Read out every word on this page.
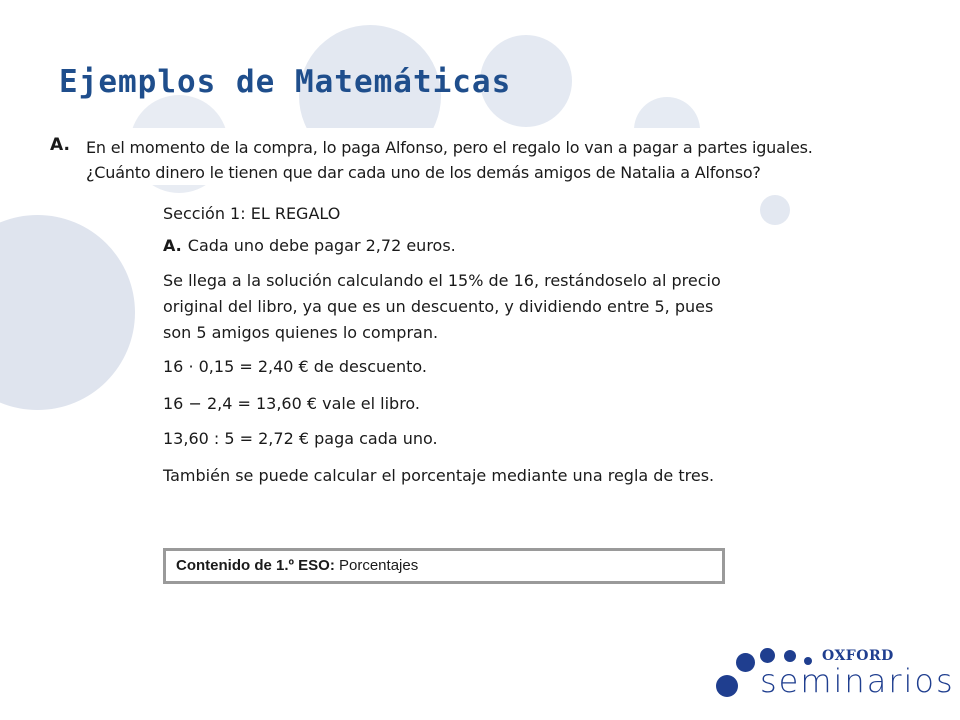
Ejemplos de Matemáticas
A. En el momento de la compra, lo paga Alfonso, pero el regalo lo van a pagar a partes iguales.
¿Cuánto dinero le tienen que dar cada uno de los demás amigos de Natalia a Alfonso?
Sección 1: EL REGALO
A. Cada uno debe pagar 2,72 euros.
Se llega a la solución calculando el 15% de 16, restándoselo al precio original del libro, ya que es un descuento, y dividiendo entre 5, pues son 5 amigos quienes lo compran.
16 · 0,15 = 2,40 € de descuento.
16 − 2,4 = 13,60 € vale el libro.
13,60 : 5 = 2,72 € paga cada uno.
También se puede calcular el porcentaje mediante una regla de tres.
Contenido de 1.º ESO: Porcentajes
OXFORD
seminarios
